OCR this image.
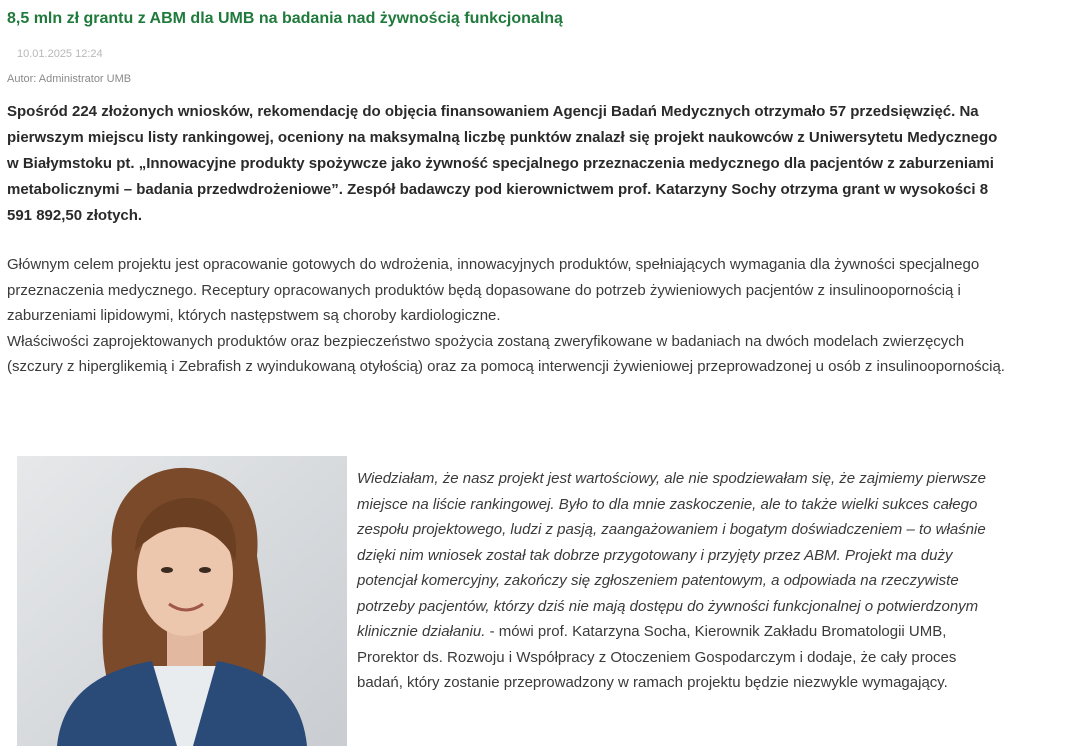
8,5 mln zł grantu z ABM dla UMB na badania nad żywnością funkcjonalną
10.01.2025 12:24
Autor: Administrator UMB

Spośród 224 złożonych wniosków, rekomendację do objęcia finansowaniem Agencji Badań Medycznych otrzymało 57 przedsięwzięć. Na pierwszym miejscu listy rankingowej, oceniony na maksymalną liczbę punktów znalazł się projekt naukowców z Uniwersytetu Medycznego w Białymstoku pt. „Innowacyjne produkty spożywcze jako żywność specjalnego przeznaczenia medycznego dla pacjentów z zaburzeniami metabolicznymi – badania przedwdrożeniowe”. Zespół badawczy pod kierownictwem prof. Katarzyny Sochy otrzyma grant w wysokości 8 591 892,50 złotych.

Głównym celem projektu jest opracowanie gotowych do wdrożenia, innowacyjnych produktów, spełniających wymagania dla żywności specjalnego przeznaczenia medycznego. Receptury opracowanych produktów będą dopasowane do potrzeb żywieniowych pacjentów z insulinoopornością i zaburzeniami lipidowymi, których następstwem są choroby kardiologiczne.

Właściwości zaprojektowanych produktów oraz bezpieczeństwo spożycia zostaną zweryfikowane w badaniach na dwóch modelach zwierzęcych (szczury z hiperglikemią i Zebrafish z wyindukowaną otyłością) oraz za pomocą interwencji żywieniowej przeprowadzonej u osób z insulinoopornością.

Wiedziałam, że nasz projekt jest wartościowy, ale nie spodziewałam się, że zajmiemy pierwsze miejsce na liście rankingowej. Było to dla mnie zaskoczenie, ale to także wielki sukces całego zespołu projektowego, ludzi z pasją, zaangażowaniem i bogatym doświadczeniem – to właśnie dzięki nim wniosek został tak dobrze przygotowany i przyjęty przez ABM. Projekt ma duży potencjał komercyjny, zakończy się zgłoszeniem patentowym, a odpowiada na rzeczywiste potrzeby pacjentów, którzy dziś nie mają dostępu do żywności funkcjonalnej o potwierdzonym klinicznie działaniu. - mówi prof. Katarzyna Socha, Kierownik Zakładu Bromatologii UMB, Prorektor ds. Rozwoju i Współpracy z Otoczeniem Gospodarczym i dodaje, że cały proces badań, który zostanie przeprowadzony w ramach projektu będzie niezwykle wymagający.
